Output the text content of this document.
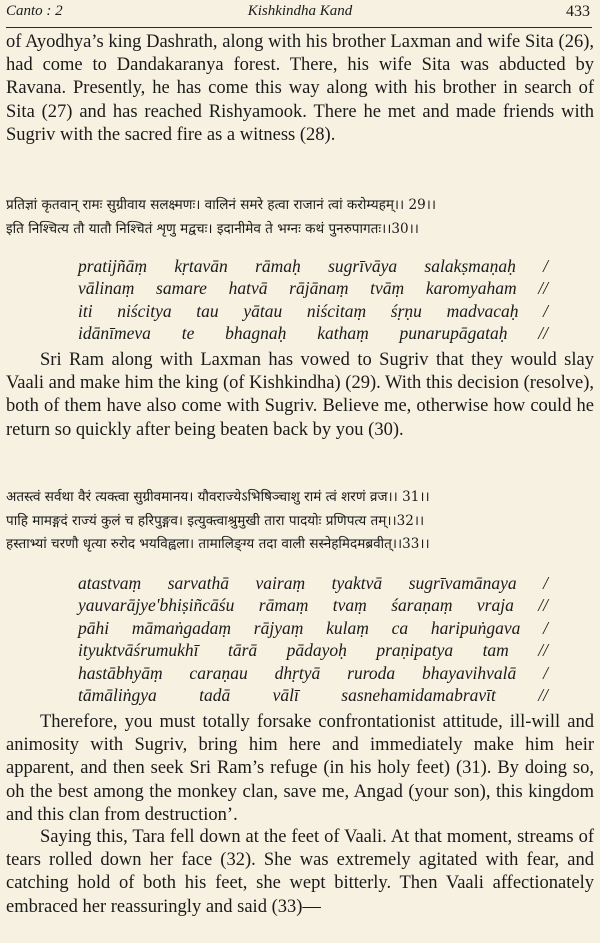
Canto : 2	Kishkindha Kand	433

of Ayodhya’s king Dashrath, along with his brother Laxman and wife Sita (26), had come to Dandakaranya forest. There, his wife Sita was abducted by Ravana. Presently, he has come this way along with his brother in search of Sita (27) and has reached Rishyamook. There he met and made friends with Sugriv with the sacred fire as a witness (28).

प्रतिज्ञां कृतवान् रामः सुग्रीवाय सलक्ष्मणः। वालिनं समरे हत्वा राजानं त्वां करोम्यहम्।। 29।।
इति निश्चित्य तौ यातौ निश्चितं शृणु मद्वचः। इदानीमेव ते भग्नः कथं पुनरुपागतः।।30।।
pratijñāṃ kṛtavān rāmaḥ sugrīvāya salakṣmaṇaḥ /
vālinaṃ samare hatvā rājānaṃ tvāṃ karomyaham //
iti niścitya tau yātau niścitaṃ śṛṇu madvacaḥ /
idānīmeva te bhagnaḥ kathaṃ punarupāgataḥ //

Sri Ram along with Laxman has vowed to Sugriv that they would slay Vaali and make him the king (of Kishkindha) (29). With this decision (resolve), both of them have also come with Sugriv. Believe me, otherwise how could he return so quickly after being beaten back by you (30).

अतस्त्वं सर्वथा वैरं त्यक्त्वा सुग्रीवमानय। यौवराज्येऽभिषिञ्चाशु रामं त्वं शरणं व्रज।। 31।।
पाहि मामङ्गदं राज्यं कुलं च हरिपुङ्गव। इत्युक्त्वाश्रुमुखी तारा पादयोः प्रणिपत्य तम्।।32।।
हस्ताभ्यां चरणौ धृत्या रुरोद भयविह्वला। तामालिङ्ग्य तदा वाली सस्नेहमिदमब्रवीत्।।33।।
atastvaṃ sarvathā vairaṃ tyaktvā sugrīvamānaya /
yauvarājye'bhiṣiñcāśu rāmaṃ tvaṃ śaraṇaṃ vraja //
pāhi māmaṅgadaṃ rājyaṃ kulaṃ ca haripuṅgava /
ityuktvāśrumukhī tārā pādayoḥ praṇipatya tam //
hastābhyāṃ caraṇau dhṛtyā ruroda bhayavihvalā /
tāmāliṅgya tadā vālī sasnehamidamabravīt //

Therefore, you must totally forsake confrontationist attitude, ill-will and animosity with Sugriv, bring him here and immediately make him heir apparent, and then seek Sri Ram’s refuge (in his holy feet) (31). By doing so, oh the best among the monkey clan, save me, Angad (your son), this kingdom and this clan from destruction’.

Saying this, Tara fell down at the feet of Vaali. At that moment, streams of tears rolled down her face (32). She was extremely agitated with fear, and catching hold of both his feet, she wept bitterly. Then Vaali affectionately embraced her reassuringly and said (33)—
